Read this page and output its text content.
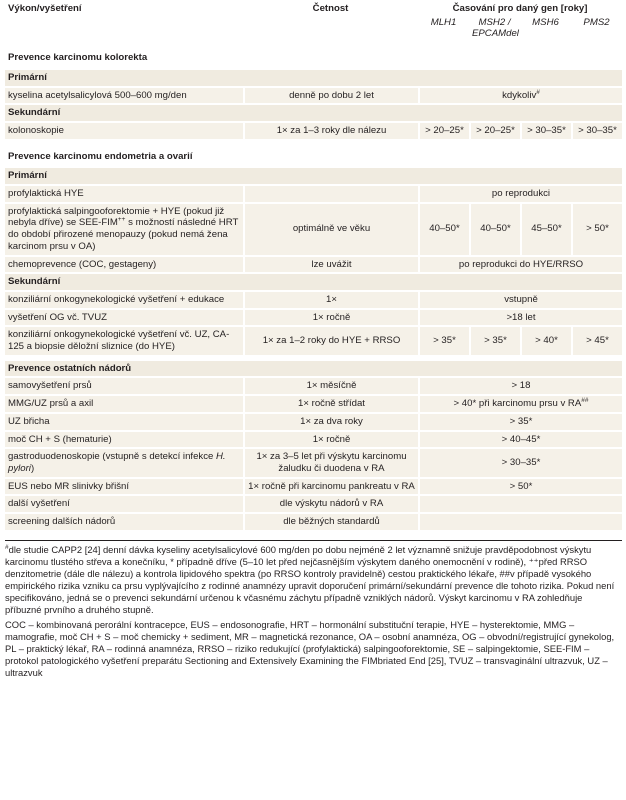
Výkon/vyšetření	Četnost	Časování pro daný gen [roky]			
		MLH1	MSH2 / EPCAMdel	MSH6	PMS2
Prevence karcinomu kolorekta					
Primární					
kyselina acetylsalicylová 500–600 mg/den	denně po dobu 2 let	kdykoliv#
Sekundární					
kolonoskopie	1× za 1–3 roky dle nálezu	> 20–25*	> 20–25*	> 30–35*	> 30–35*
Prevence karcinomu endometria a ovarií					
Primární					
profylaktická HYE		po reprodukci			
profylaktická salpingooforektomie + HYE (pokud již nebyla dříve) se SEE-FIM++ s možností následné HRT do období přirozené menopauzy (pokud nemá žena karcinom prsu v OA)	optimálně ve věku	40–50*	40–50*	45–50*	> 50*
chemoprevence (COC, gestageny)	lze uvážit	po reprodukci do HYE/RRSO			
Sekundární					
konziliární onkogynekologické vyšetření + edukace	1×	vstupně			
vyšetření OG vč. TVUZ	1× ročně	>18 let			
konziliární onkogynekologické vyšetření vč. UZ, CA-125 a biopsie děložní sliznice (do HYE)	1× za 1–2 roky do HYE + RRSO	> 35*	> 35*	> 40*	> 45*

Prevence ostatních nádorů					
samovyšetření prsů	1× měsíčně	> 18			
MMG/UZ prsů a axil	1× ročně střídat	> 40* při karcinomu prsu v RA##
UZ břicha	1× za dva roky	> 35*			
moč CH + S (hematurie)	1× ročně	> 40–45*			
gastroduodenoskopie (vstupně s detekcí infekce H. pylori)	1× za 3–5 let při výskytu karcinomu žaludku či duodena v RA	> 30–35*			
EUS nebo MR slinivky břišní	1× ročně při karcinomu pankreatu v RA	> 50*			
další vyšetření	dle výskytu nádorů v RA				
screening dalších nádorů	dle běžných standardů				

#dle studie CAPP2 [24] denní dávka kyseliny acetylsalicylové 600 mg/den po dobu nejméně 2 let významně snižuje pravděpodobnost výskytu karcinomu tlustého střeva a konečníku, * případně dříve (5–10 let před nejčasnějším výskytem daného onemocnění v rodině), ⁺⁺před RRSO denzitometrie (dále dle nálezu) a kontrola lipidového spektra (po RRSO kontroly pravidelně) cestou praktického lékaře, ##v případě vysokého empirického rizika vzniku ca prsu vyplývajícího z rodinné anamnézy upravit doporučení primární/sekundární prevence dle tohoto rizika. Pokud není specifikováno, jedná se o prevenci sekundární určenou k včasnému záchytu případně vzniklých nádorů. Výskyt karcinomu v RA zohledňuje příbuzné prvního a druhého stupně.

COC – kombinovaná perorální kontracepce, EUS – endosonografie, HRT – hormonální substituční terapie, HYE – hysterektomie, MMG – mamografie, moč CH + S – moč chemicky + sediment, MR – magnetická rezonance, OA – osobní anamnéza, OG – obvodní/registrující gynekolog, PL – praktický lékař, RA – rodinná anamnéza, RRSO – riziko redukující (profylaktická) salpingooforektomie, SE – salpingektomie, SEE-FIM – protokol patologického vyšetření preparátu Sectioning and Extensively Examining the FIMbriated End [25], TVUZ – transvaginální ultrazvuk, UZ – ultrazvuk
